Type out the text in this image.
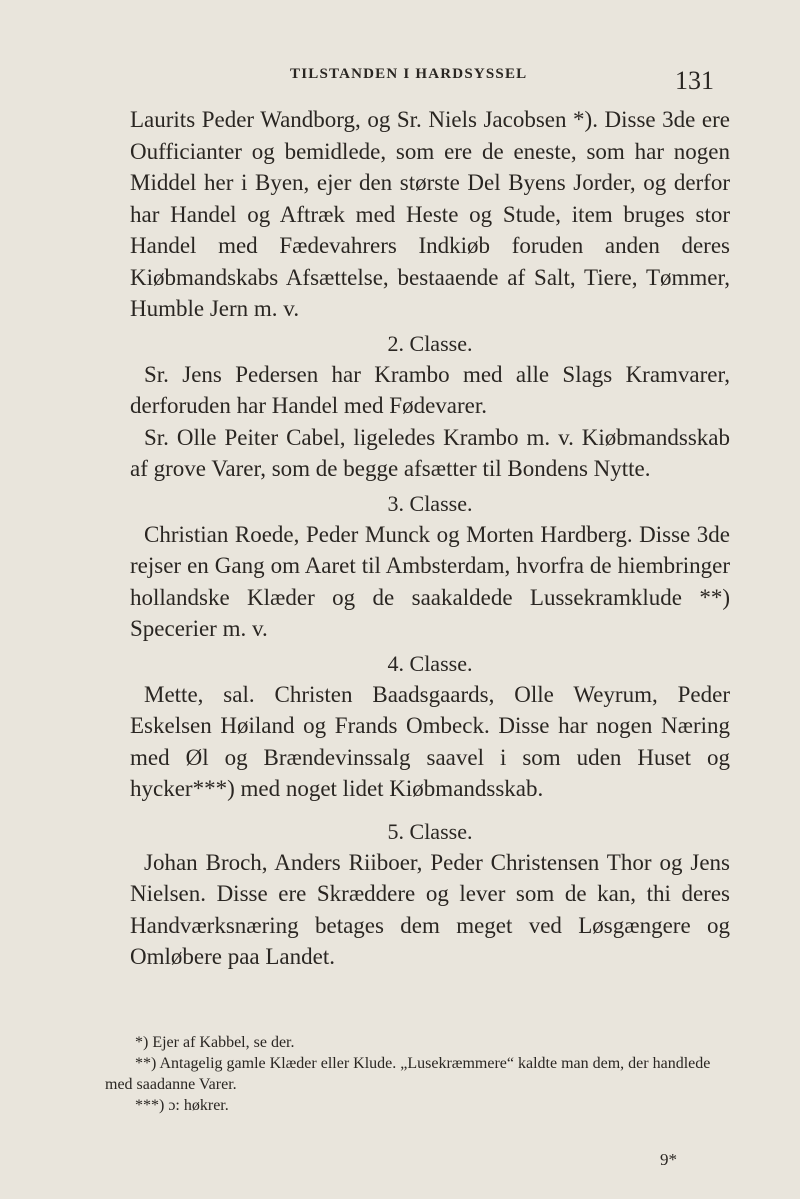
TILSTANDEN I HARDSYSSEL	131

Laurits Peder Wandborg, og Sr. Niels Jacobsen *). Disse 3de ere Oufficianter og bemidlede, som ere de eneste, som har nogen Middel her i Byen, ejer den største Del Byens Jorder, og derfor har Handel og Aftræk med Heste og Stude, item bruges stor Handel med Fædevahrers Indkiøb foruden anden deres Kiøbmandskabs Afsættelse, bestaaende af Salt, Tiere, Tømmer, Humble Jern m. v.

2. Classe.

Sr. Jens Pedersen har Krambo med alle Slags Kramvarer, derforuden har Handel med Fødevarer.

Sr. Olle Peiter Cabel, ligeledes Krambo m. v. Kiøbmandsskab af grove Varer, som de begge afsætter til Bondens Nytte.

3. Classe.

Christian Roede, Peder Munck og Morten Hardberg. Disse 3de rejser en Gang om Aaret til Ambsterdam, hvorfra de hiembringer hollandske Klæder og de saakaldede Lussekramklude **) Specerier m. v.

4. Classe.

Mette, sal. Christen Baadsgaards, Olle Weyrum, Peder Eskelsen Høiland og Frands Ombeck. Disse har nogen Næring med Øl og Brændevinssalg saavel i som uden Huset og hycker***) med noget lidet Kiøbmandsskab.

5. Classe.

Johan Broch, Anders Riiboer, Peder Christensen Thor og Jens Nielsen. Disse ere Skræddere og lever som de kan, thi deres Handværksnæring betages dem meget ved Løsgængere og Omløbere paa Landet.

*) Ejer af Kabbel, se der.

**) Antagelig gamle Klæder eller Klude. „Lusekræmmere“ kaldte man dem, der handlede med saadanne Varer.

***) ɔ: høkrer.

9*
